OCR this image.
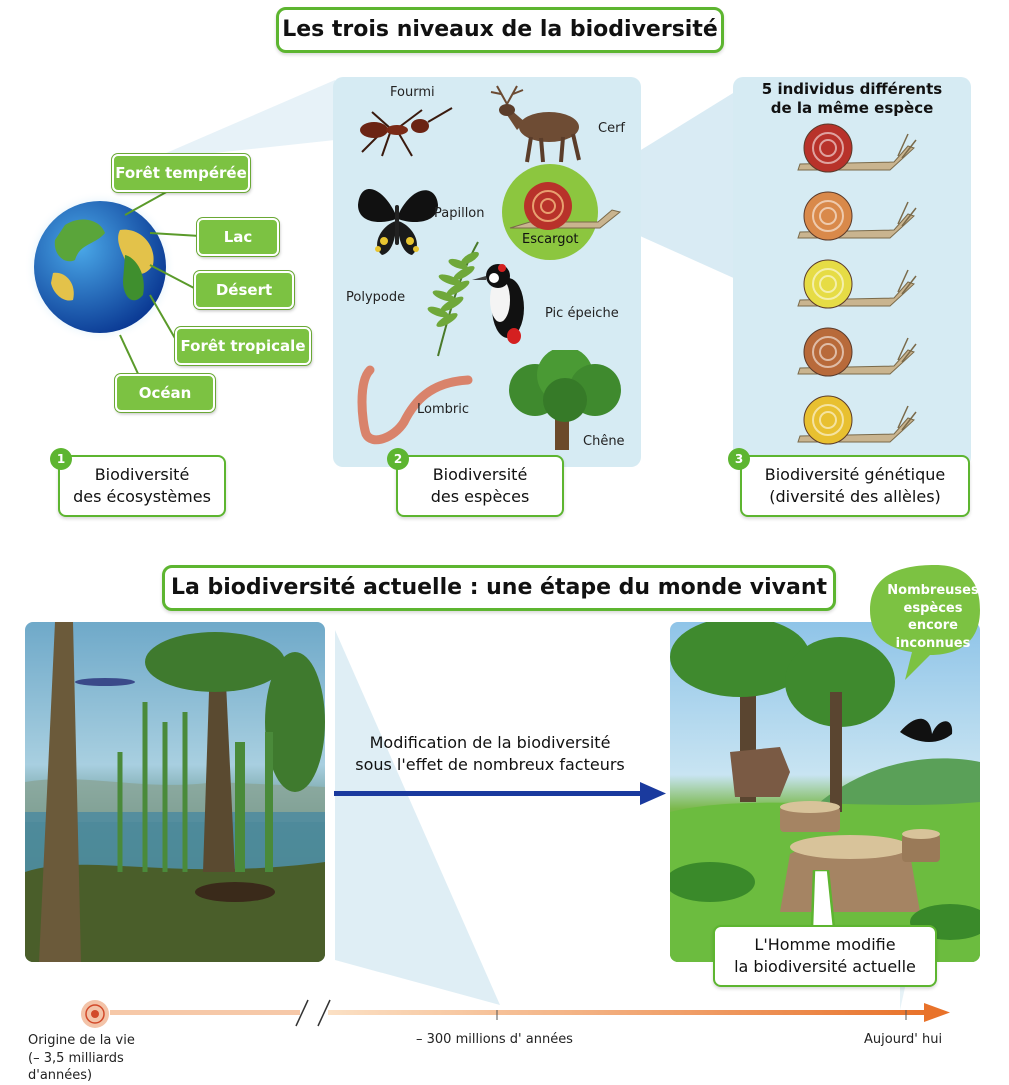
Les trois niveaux de la biodiversité
Forêt tempérée
Lac
Désert
Forêt tropicale
Océan
Biodiversité
des écosystèmes
1
Fourmi
Cerf
Papillon
Escargot
Polypode
Pic épeiche
Lombric
Chêne
Biodiversité
des espèces
2
5 individus différents
de la même espèce
Biodiversité génétique
(diversité des allèles)
3
La biodiversité actuelle : une étape du monde vivant
Modification de la biodiversité
sous l'effet de nombreux facteurs
Nombreuses
espèces
encore
inconnues
L'Homme modifie
la biodiversité actuelle
Origine de la vie
(– 3,5 milliards d'années)
– 300 millions d' années	Aujourd' hui
